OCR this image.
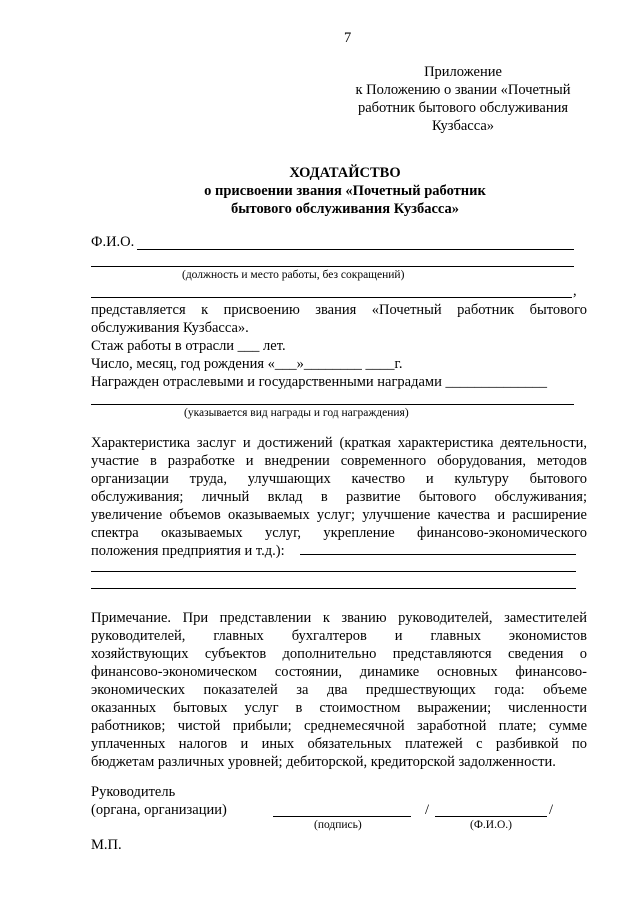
7
Приложение
к Положению о звании «Почетный
работник бытового обслуживания
Кузбасса»
ХОДАТАЙСТВО
о присвоении звания «Почетный работник
бытового обслуживания Кузбасса»
Ф.И.О.
(должность и место работы, без сокращений)
,
представляется к присвоению звания «Почетный работник бытового
обслуживания Кузбасса».
Стаж работы в отрасли ___ лет.
Число, месяц, год рождения «___»________ ____г.
Награжден отраслевыми и государственными наградами ______________
(указывается вид награды и год награждения)
Характеристика заслуг и достижений (краткая характеристика деятельности,
участие в разработке и внедрении современного оборудования, методов
организации труда, улучшающих качество и культуру бытового
обслуживания; личный вклад в развитие бытового обслуживания;
увеличение объемов оказываемых услуг; улучшение качества и расширение
спектра оказываемых услуг, укрепление финансово-экономического
положения предприятия и т.д.):
Примечание. При представлении к званию руководителей, заместителей
руководителей, главных бухгалтеров и главных экономистов
хозяйствующих субъектов дополнительно представляются сведения о
финансово-экономическом состоянии, динамике основных финансово-
экономических показателей за два предшествующих года: объеме
оказанных бытовых услуг в стоимостном выражении; численности
работников; чистой прибыли; среднемесячной заработной плате; сумме
уплаченных налогов и иных обязательных платежей с разбивкой по
бюджетам различных уровней; дебиторской, кредиторской задолженности.
Руководитель
(органа, организации)	/	/
(подпись)	(Ф.И.О.)
М.П.
